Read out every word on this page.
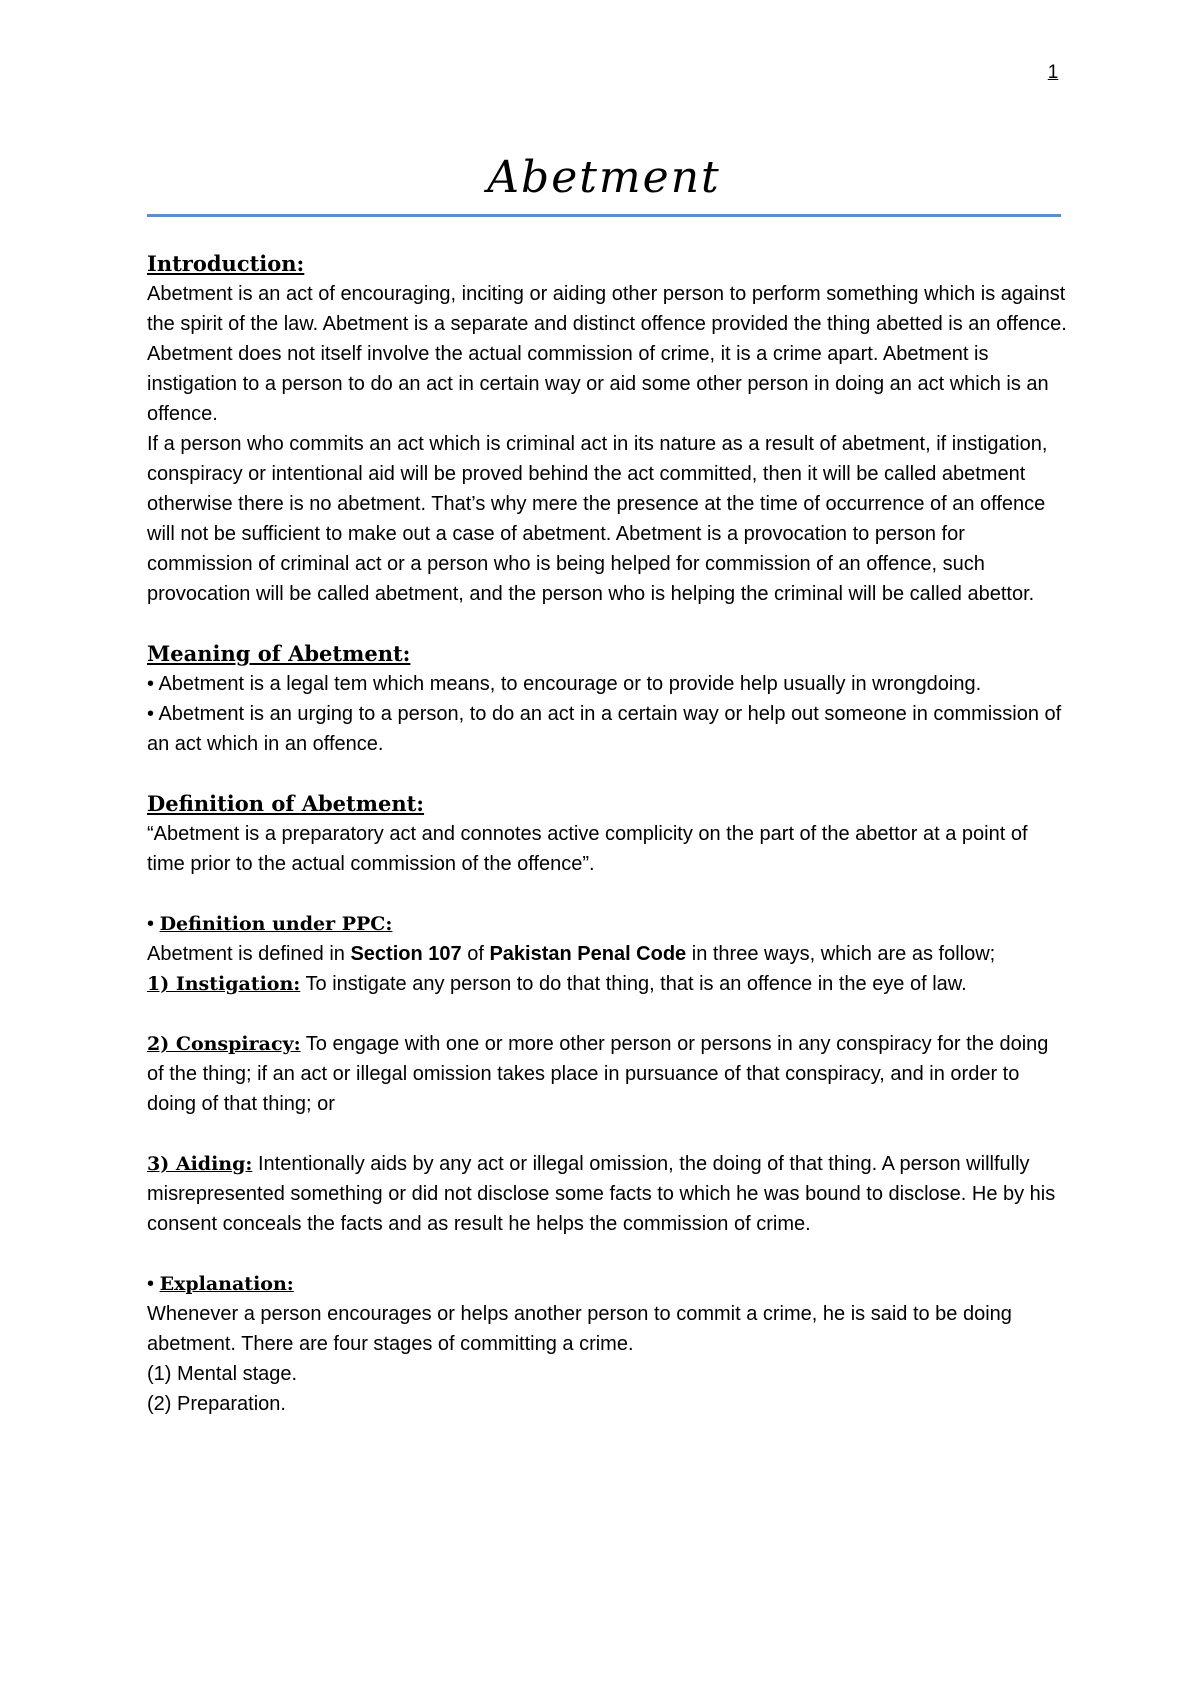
1
Abetment

Introduction:

Abetment is an act of encouraging, inciting or aiding other person to perform something which is against the spirit of the law. Abetment is a separate and distinct offence provided the thing abetted is an offence. Abetment does not itself involve the actual commission of crime, it is a crime apart. Abetment is instigation to a person to do an act in certain way or aid some other person in doing an act which is an offence.

If a person who commits an act which is criminal act in its nature as a result of abetment, if instigation, conspiracy or intentional aid will be proved behind the act committed, then it will be called abetment otherwise there is no abetment. That’s why mere the presence at the time of occurrence of an offence will not be sufficient to make out a case of abetment. Abetment is a provocation to person for commission of criminal act or a person who is being helped for commission of an offence, such provocation will be called abetment, and the person who is helping the criminal will be called abettor.

Meaning of Abetment:

• Abetment is a legal tem which means, to encourage or to provide help usually in wrongdoing.

• Abetment is an urging to a person, to do an act in a certain way or help out someone in commission of an act which in an offence.

Definition of Abetment:

“Abetment is a preparatory act and connotes active complicity on the part of the abettor at a point of time prior to the actual commission of the offence”.

• Definition under PPC:

Abetment is defined in Section 107 of Pakistan Penal Code in three ways, which are as follow;

1) Instigation: To instigate any person to do that thing, that is an offence in the eye of law.

2) Conspiracy: To engage with one or more other person or persons in any conspiracy for the doing of the thing; if an act or illegal omission takes place in pursuance of that conspiracy, and in order to doing of that thing; or

3) Aiding: Intentionally aids by any act or illegal omission, the doing of that thing. A person willfully misrepresented something or did not disclose some facts to which he was bound to disclose. He by his consent conceals the facts and as result he helps the commission of crime.

• Explanation:

Whenever a person encourages or helps another person to commit a crime, he is said to be doing abetment. There are four stages of committing a crime.

(1) Mental stage.

(2) Preparation.
